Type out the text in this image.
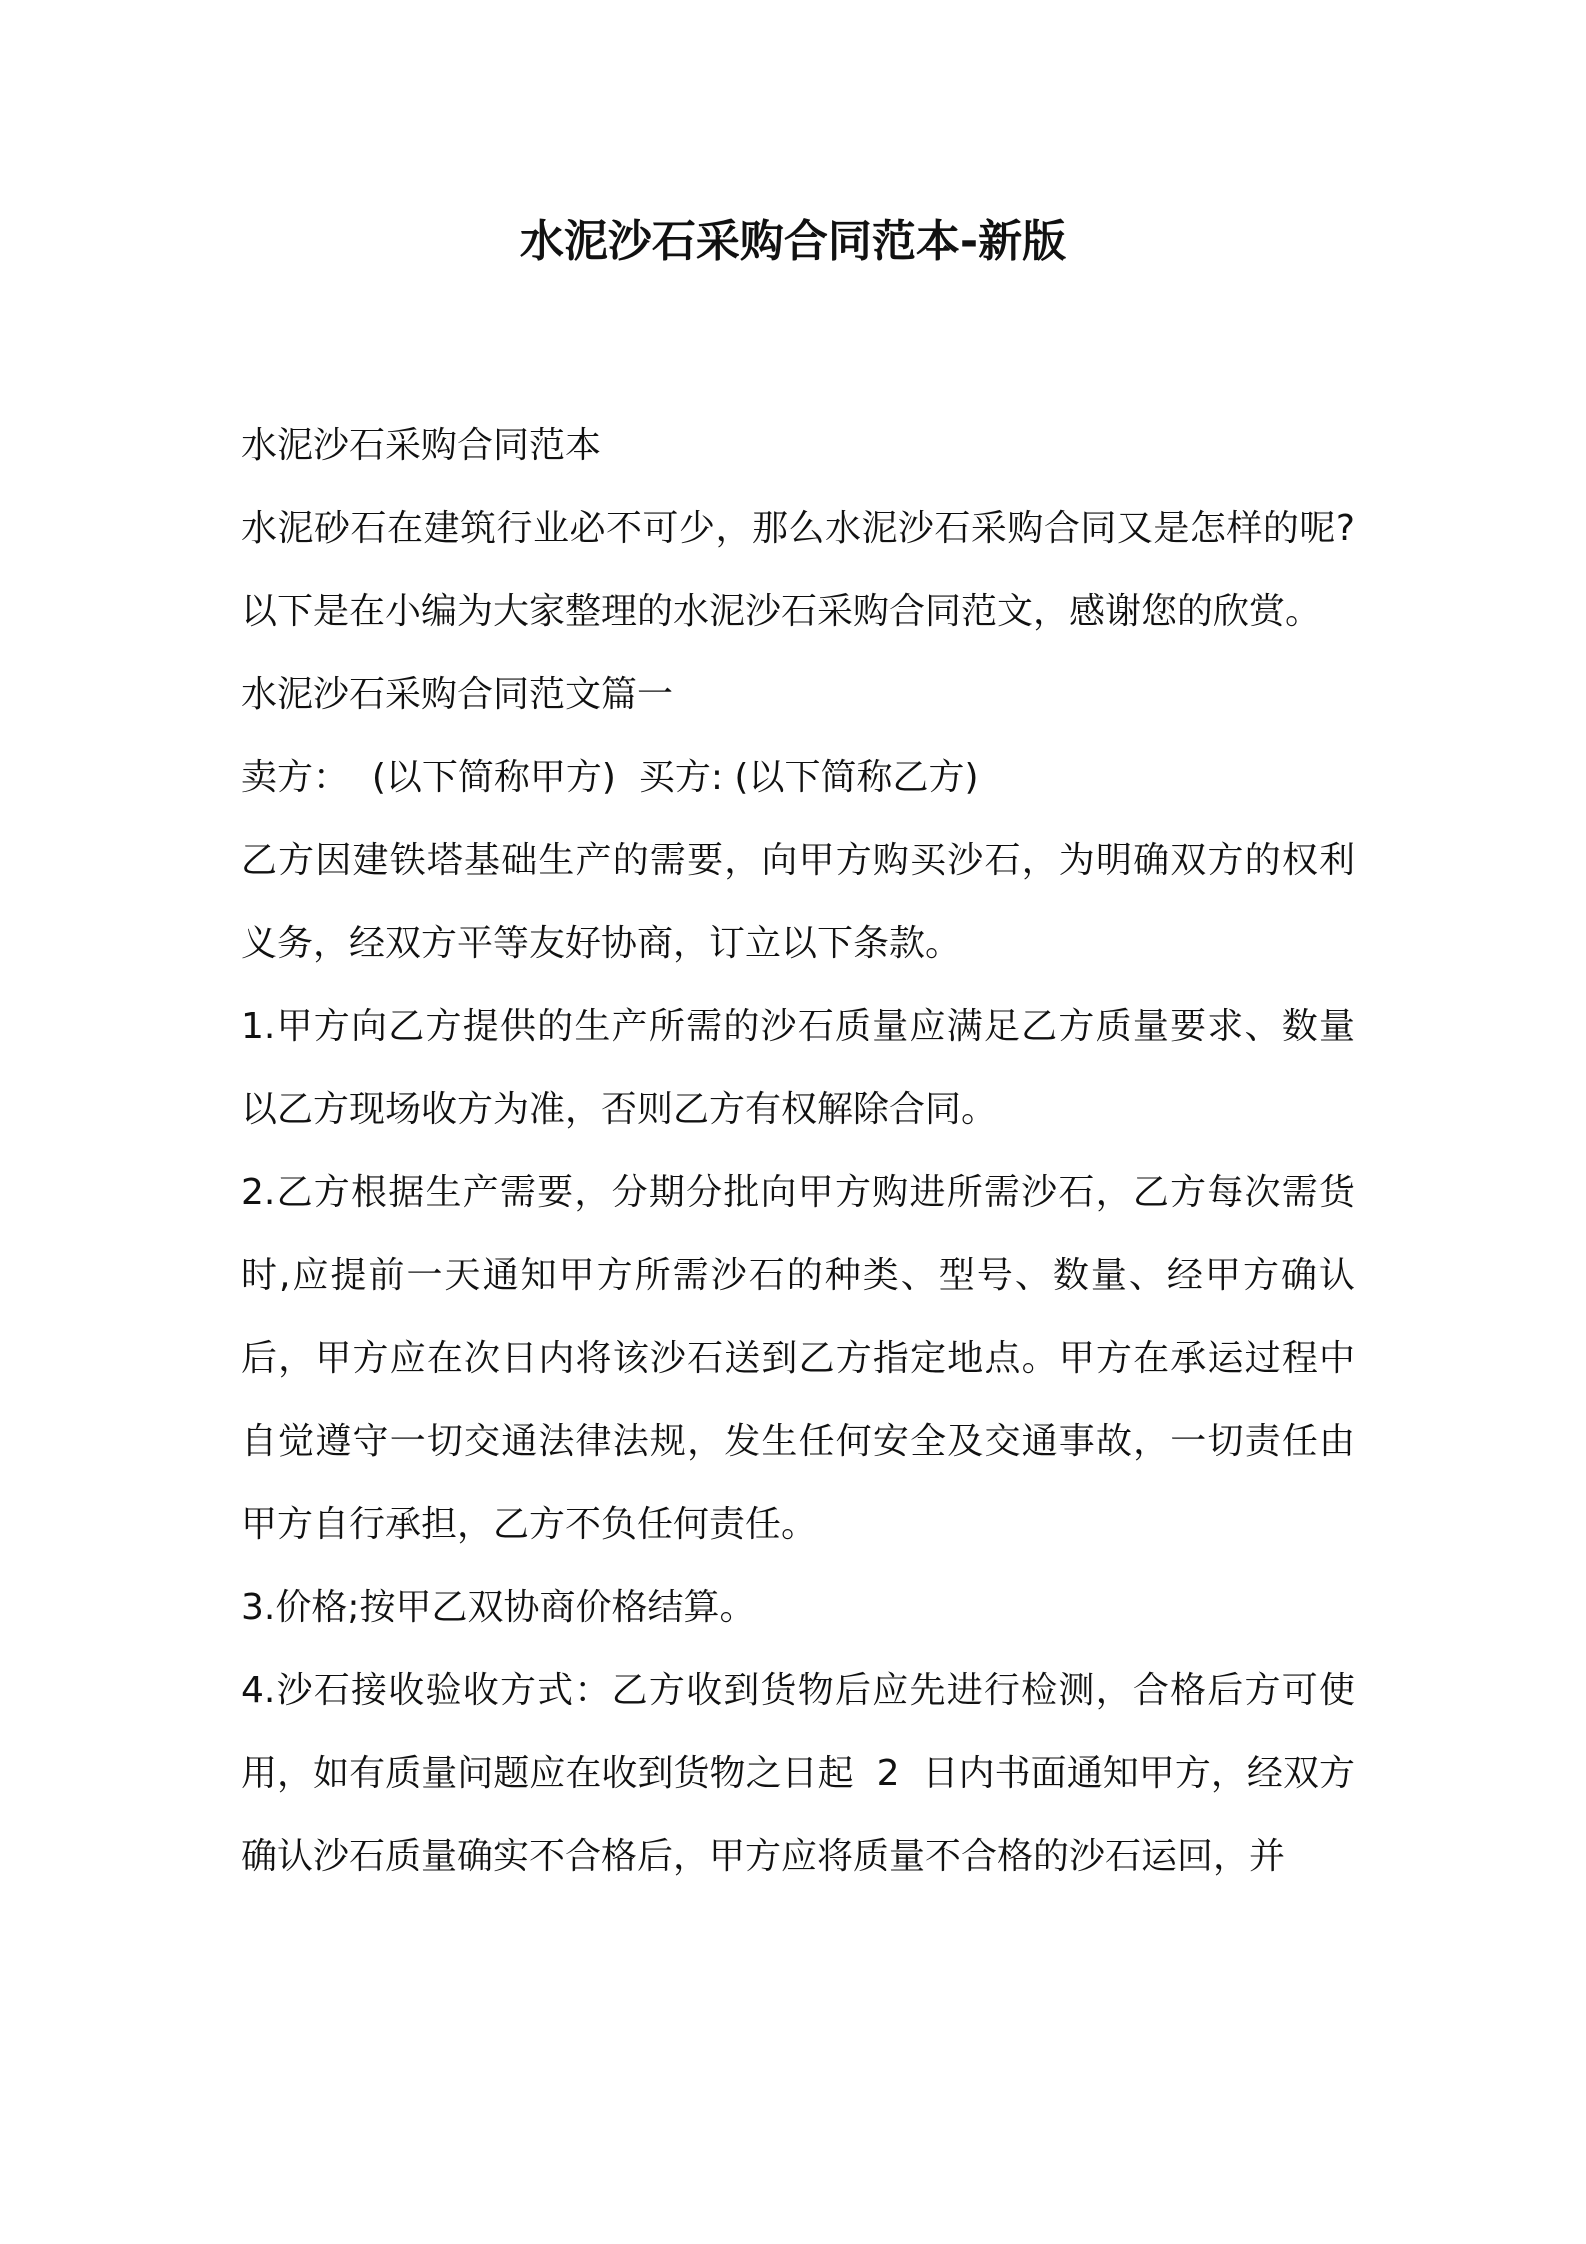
水泥沙石采购合同范本-新版

水泥沙石采购合同范本

水泥砂石在建筑行业必不可少，那么水泥沙石采购合同又是怎样的呢?以下是在小编为大家整理的水泥沙石采购合同范文，感谢您的欣赏。

水泥沙石采购合同范文篇一

卖方：  (以下简称甲方)  买方: (以下简称乙方)

乙方因建铁塔基础生产的需要，向甲方购买沙石，为明确双方的权利义务，经双方平等友好协商，订立以下条款。

1.甲方向乙方提供的生产所需的沙石质量应满足乙方质量要求、数量以乙方现场收方为准，否则乙方有权解除合同。

2.乙方根据生产需要，分期分批向甲方购进所需沙石，乙方每次需货时,应提前一天通知甲方所需沙石的种类、型号、数量、经甲方确认后，甲方应在次日内将该沙石送到乙方指定地点。甲方在承运过程中自觉遵守一切交通法律法规，发生任何安全及交通事故，一切责任由甲方自行承担，乙方不负任何责任。

3.价格;按甲乙双协商价格结算。

4.沙石接收验收方式：乙方收到货物后应先进行检测，合格后方可使用，如有质量问题应在收到货物之日起  2  日内书面通知甲方，经双方确认沙石质量确实不合格后，甲方应将质量不合格的沙石运回，并
